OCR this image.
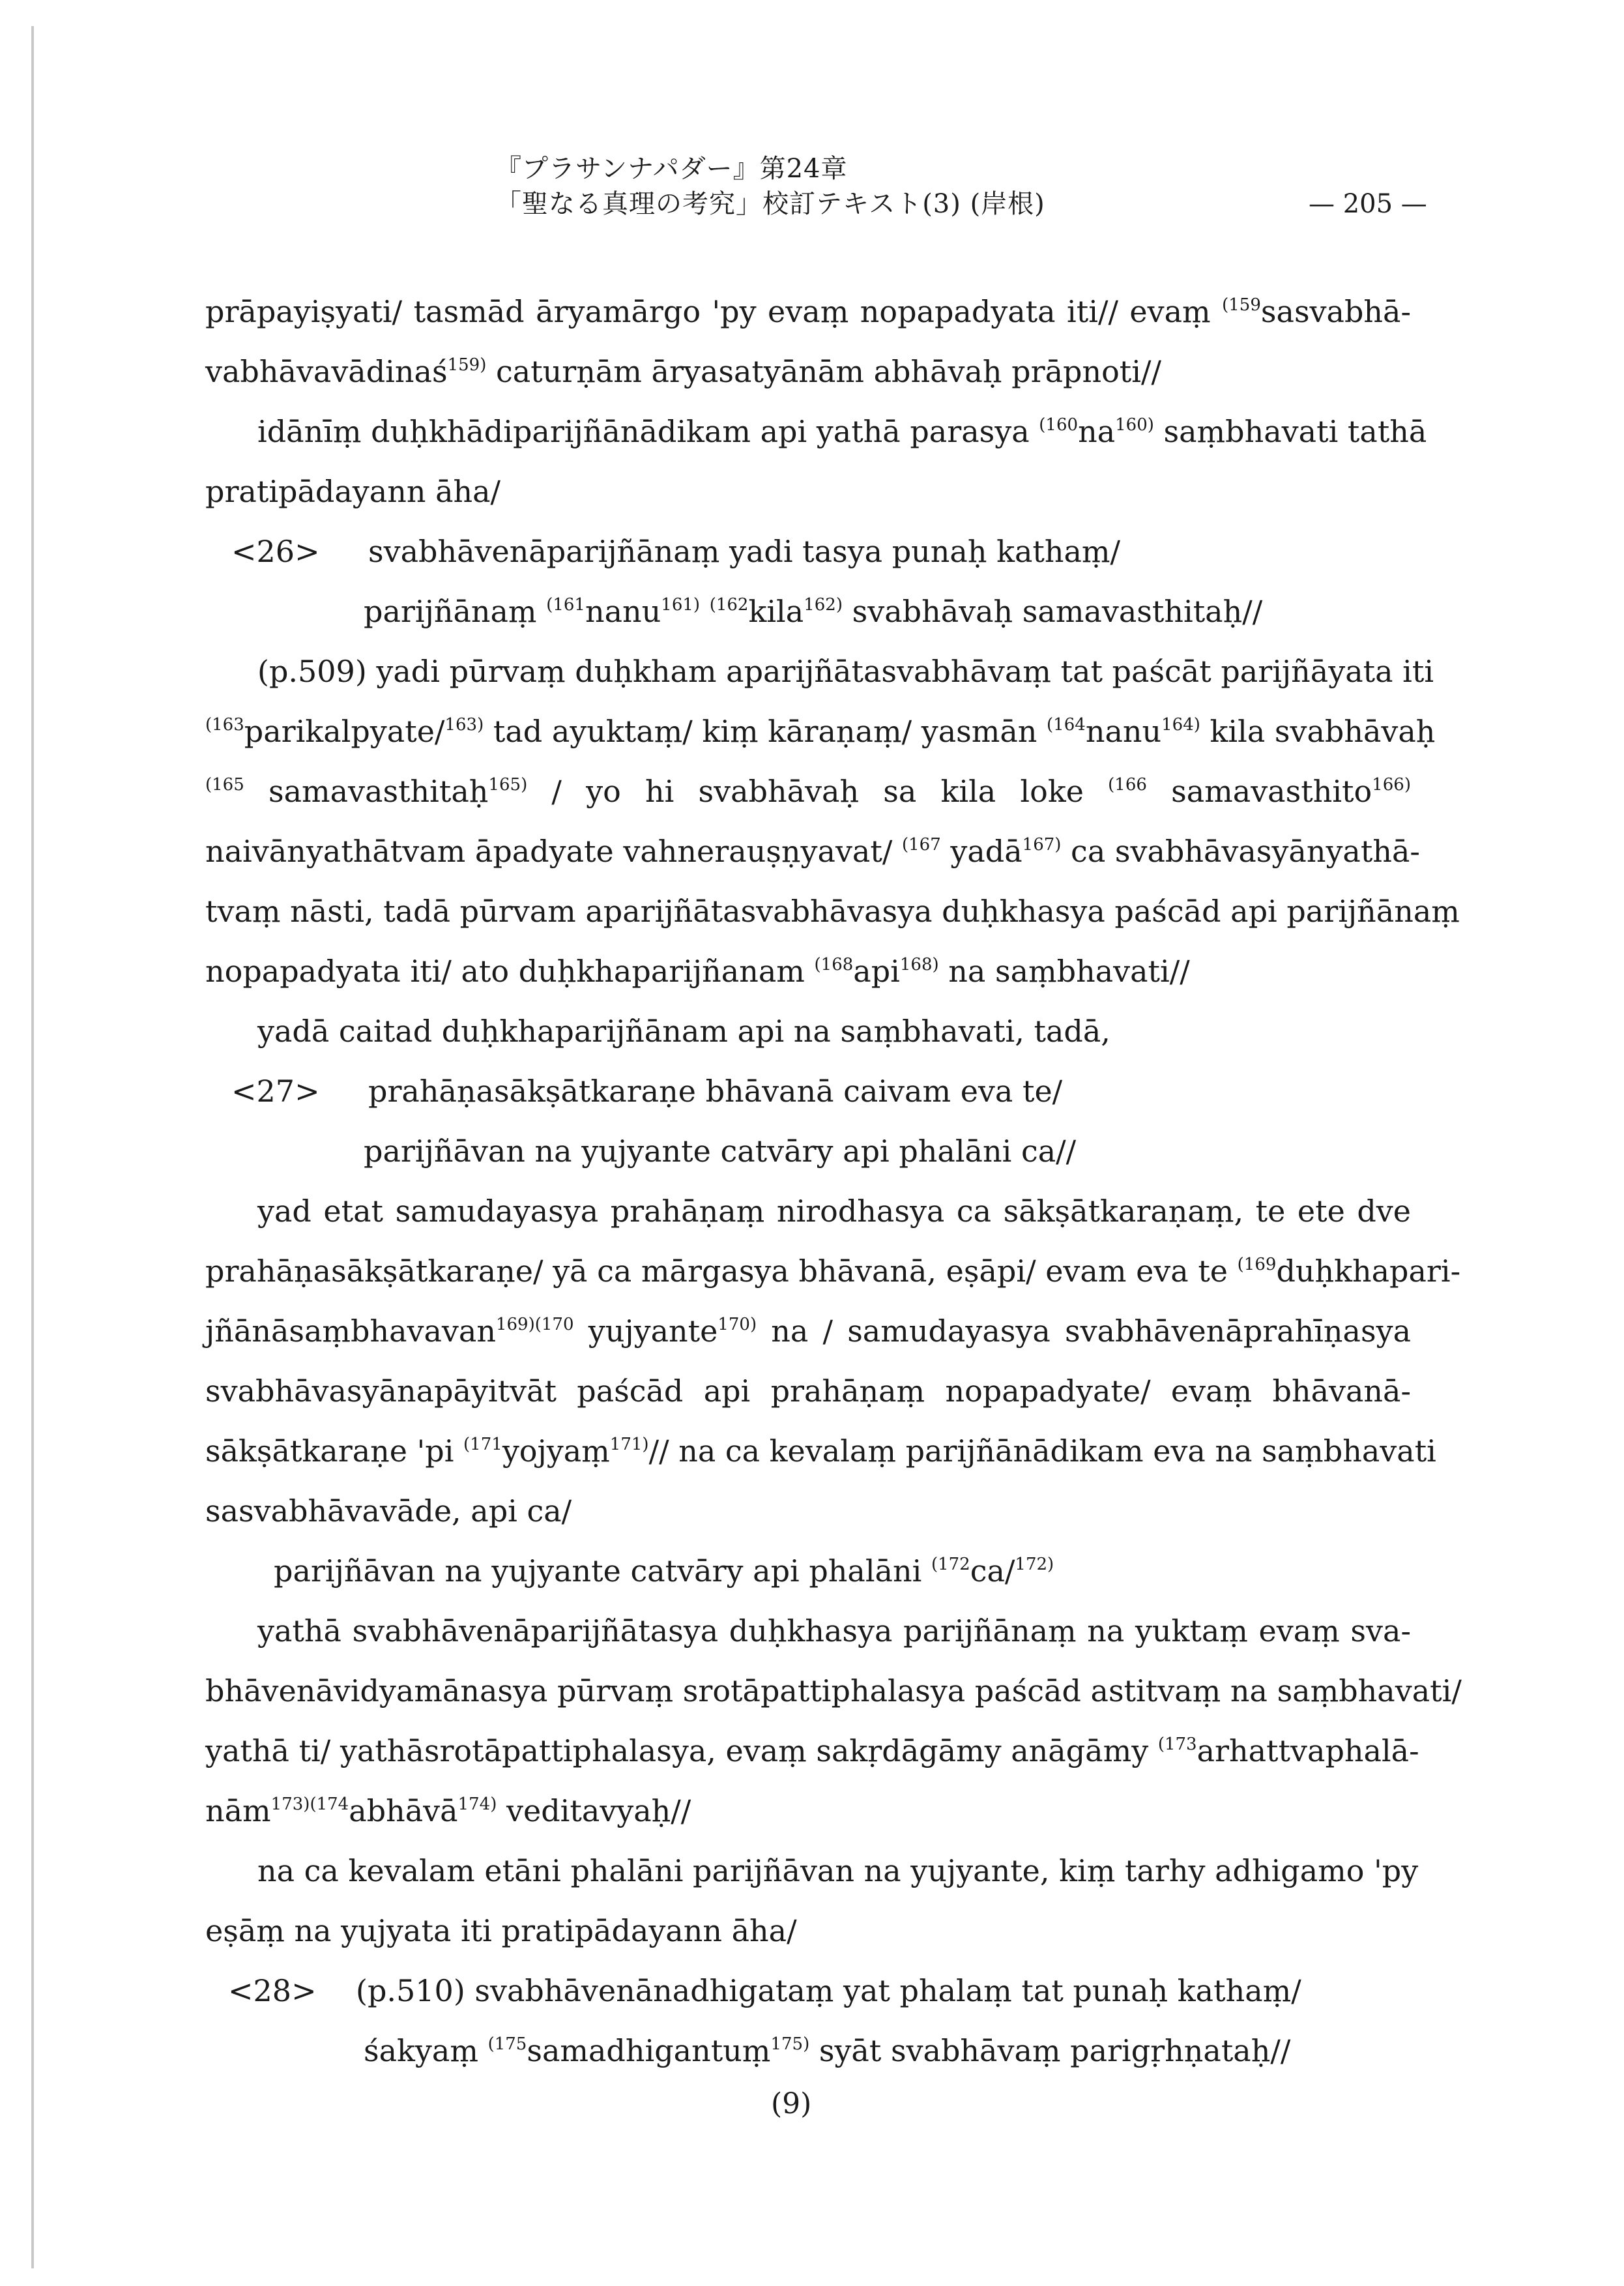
『プラサンナパダー』第24章
「聖なる真理の考究」校訂テキスト(3) (岸根)	— 205 —
prāpayiṣyati/ tasmād āryamārgo 'py evaṃ nopapadyata iti// evaṃ $^{(159}$sasvabhā-
vabhāvavādinaś$^{159)}$ caturṇām āryasatyānām abhāvaḥ prāpnoti//
idānīṃ duḥkhādiparijñānādikam api yathā parasya $^{(160}$na$^{160)}$ saṃbhavati tathā
pratipādayann āha/
<26> svabhāvenāparijñānaṃ yadi tasya punaḥ kathaṃ/
parijñānaṃ $^{(161}$nanu$^{161)}$ $^{(162}$kila$^{162)}$ svabhāvaḥ samavasthitaḥ//
(p.509) yadi pūrvaṃ duḥkham aparijñātasvabhāvaṃ tat paścāt parijñāyata iti
$^{(163}$parikalpyate/$^{163)}$ tad ayuktaṃ/ kiṃ kāraṇaṃ/ yasmān $^{(164}$nanu$^{164)}$ kila svabhāvaḥ
$^{(165}$ samavasthitaḥ$^{165)}$ / yo hi svabhāvaḥ sa kila loke $^{(166}$ samavasthito$^{166)}$
naivānyathātvam āpadyate vahnerauṣṇyavat/ $^{(167}$ yadā$^{167)}$ ca svabhāvasyānyathā-
tvaṃ nāsti, tadā pūrvam aparijñātasvabhāvasya duḥkhasya paścād api parijñānaṃ
nopapadyata iti/ ato duḥkhaparijñanam $^{(168}$api$^{168)}$ na saṃbhavati//
yadā caitad duḥkhaparijñānam api na saṃbhavati, tadā,
<27> prahāṇasākṣātkaraṇe bhāvanā caivam eva te/
parijñāvan na yujyante catvāry api phalāni ca//
yad etat samudayasya prahāṇaṃ nirodhasya ca sākṣātkaraṇaṃ, te ete dve
prahāṇasākṣātkaraṇe/ yā ca mārgasya bhāvanā, eṣāpi/ evam eva te $^{(169}$duḥkhapari-
jñānāsaṃbhavavan$^{169)(170}$ yujyante$^{170)}$ na / samudayasya svabhāvenāprahīṇasya
svabhāvasyānapāyitvāt paścād api prahāṇaṃ nopapadyate/ evaṃ bhāvanā-
sākṣātkaraṇe 'pi $^{(171}$yojyaṃ$^{171)}$// na ca kevalaṃ parijñānādikam eva na saṃbhavati
sasvabhāvavāde, api ca/
parijñāvan na yujyante catvāry api phalāni $^{(172}$ca/$^{172)}$
yathā svabhāvenāparijñātasya duḥkhasya parijñānaṃ na yuktaṃ evaṃ sva-
bhāvenāvidyamānasya pūrvaṃ srotāpattiphalasya paścād astitvaṃ na saṃbhavati/
yathā ti/ yathāsrotāpattiphalasya, evaṃ sakṛdāgāmy anāgāmy $^{(173}$arhattvaphalā-
nām$^{173)(174}$abhāvā$^{174)}$ veditavyaḥ//
na ca kevalam etāni phalāni parijñāvan na yujyante, kiṃ tarhy adhigamo 'py
eṣāṃ na yujyata iti pratipādayann āha/
<28> (p.510) svabhāvenānadhigataṃ yat phalaṃ tat punaḥ kathaṃ/
śakyaṃ $^{(175}$samadhigantuṃ$^{175)}$ syāt svabhāvaṃ parigṛhṇataḥ//
(9)
